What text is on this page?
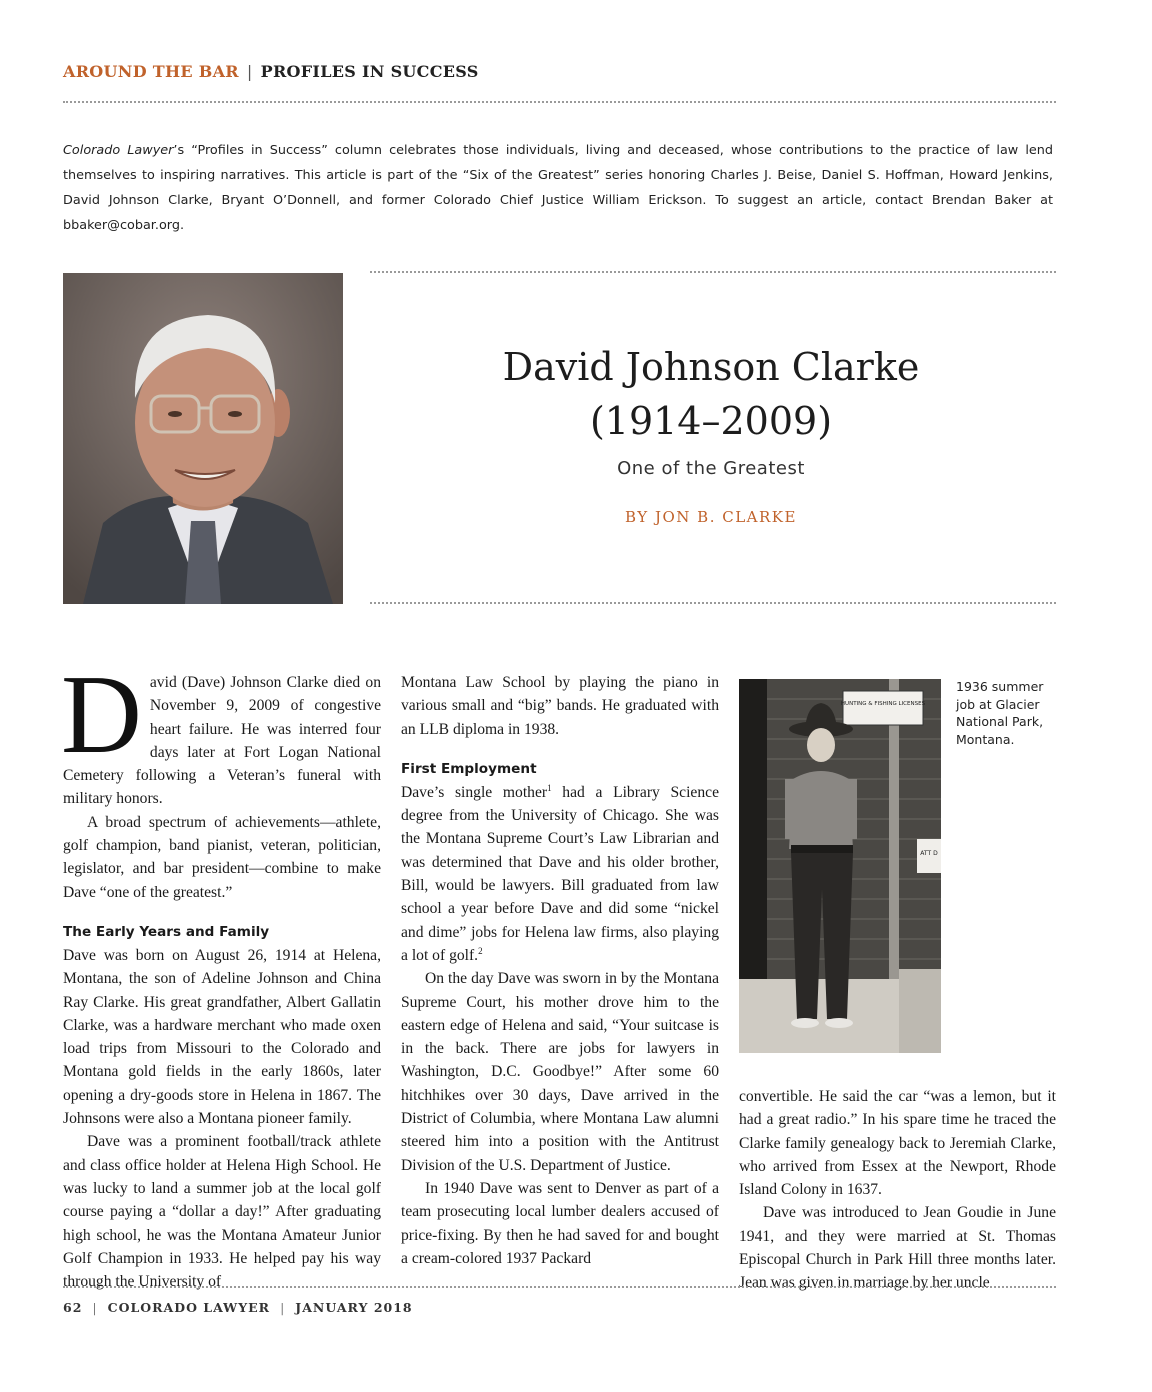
AROUND THE BAR | PROFILES IN SUCCESS
Colorado Lawyer’s “Profiles in Success” column celebrates those individuals, living and deceased, whose contributions to the practice of law lend themselves to inspiring narratives. This article is part of the “Six of the Greatest” series honoring Charles J. Beise, Daniel S. Hoffman, Howard Jenkins, David Johnson Clarke, Bryant O’Donnell, and former Colorado Chief Justice William Erickson. To suggest an article, contact Brendan Baker at bbaker@cobar.org.
David Johnson Clarke
(1914–2009)
One of the Greatest
BY JON B. CLARKE

David (Dave) Johnson Clarke died on November 9, 2009 of congestive heart failure. He was interred four days later at Fort Logan National Cemetery following a Veteran’s funeral with military honors.

A broad spectrum of achievements—athlete, golf champion, band pianist, veteran, politician, legislator, and bar president—combine to make Dave “one of the greatest.”

The Early Years and Family

Dave was born on August 26, 1914 at Helena, Montana, the son of Adeline Johnson and China Ray Clarke. His great grandfather, Albert Gallatin Clarke, was a hardware merchant who made oxen load trips from Missouri to the Colorado and Montana gold fields in the early 1860s, later opening a dry-goods store in Helena in 1867. The Johnsons were also a Montana pioneer family.

Dave was a prominent football/track athlete and class office holder at Helena High School. He was lucky to land a summer job at the local golf course paying a “dollar a day!” After graduating high school, he was the Montana Amateur Junior Golf Champion in 1933. He helped pay his way through the University of

Montana Law School by playing the piano in various small and “big” bands. He graduated with an LLB diploma in 1938.

First Employment

Dave’s single mother$^1$ had a Library Science degree from the University of Chicago. She was the Montana Supreme Court’s Law Librarian and was determined that Dave and his older brother, Bill, would be lawyers. Bill graduated from law school a year before Dave and did some “nickel and dime” jobs for Helena law firms, also playing a lot of golf.$^2$

On the day Dave was sworn in by the Montana Supreme Court, his mother drove him to the eastern edge of Helena and said, “Your suitcase is in the back. There are jobs for lawyers in Washington, D.C. Goodbye!” After some 60 hitchhikes over 30 days, Dave arrived in the District of Columbia, where Montana Law alumni steered him into a position with the Antitrust Division of the U.S. Department of Justice.

In 1940 Dave was sent to Denver as part of a team prosecuting local lumber dealers accused of price-fixing. By then he had saved for and bought a cream-colored 1937 Packard

HUNTING & FISHING LICENSES
ATT D
1936 summer job at Glacier National Park, Montana.

convertible. He said the car “was a lemon, but it had a great radio.” In his spare time he traced the Clarke family genealogy back to Jeremiah Clarke, who arrived from Essex at the Newport, Rhode Island Colony in 1637.

Dave was introduced to Jean Goudie in June 1941, and they were married at St. Thomas Episcopal Church in Park Hill three months later. Jean was given in marriage by her uncle

62 | COLORADO LAWYER | JANUARY 2018
